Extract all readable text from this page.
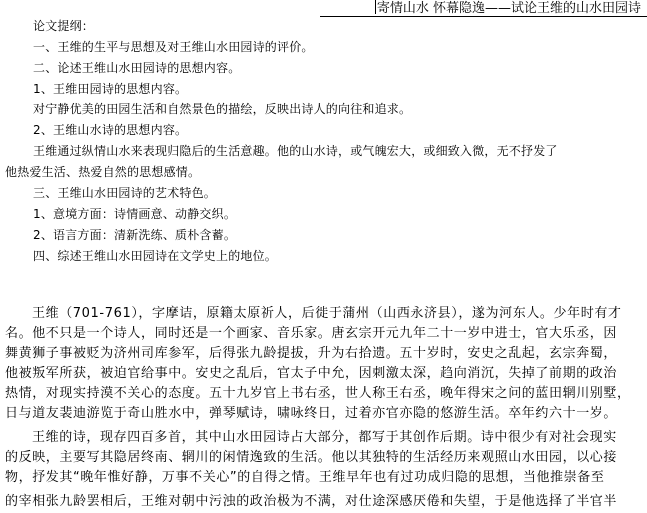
寄情山水 怀幕隐逸——试论王维的山水田园诗
论文提纲：
一、王维的生平与思想及对王维山水田园诗的评价。
二、论述王维山水田园诗的思想内容。
1、王维田园诗的思想内容。
对宁静优美的田园生活和自然景色的描绘，反映出诗人的向往和追求。
2、王维山水诗的思想内容。
王维通过纵情山水来表现归隐后的生活意趣。他的山水诗，或气魄宏大，或细致入微，无不抒发了
他热爱生活、热爱自然的思想感情。
三、王维山水田园诗的艺术特色。
1、意境方面：诗情画意、动静交织。
2、语言方面：清新洗练、质朴含蓄。
四、综述王维山水田园诗在文学史上的地位。
王维（701-761），字摩诘，原籍太原祈人，后徙于蒲州（山西永济县），遂为河东人。少年时有才
名。他不只是一个诗人，同时还是一个画家、音乐家。唐玄宗开元九年二十一岁中进士，官大乐丞，因
舞黄狮子事被贬为济州司库参军，后得张九龄提拔，升为右拾遗。五十岁时，安史之乱起，玄宗奔蜀，
他被叛军所获，被迫官给事中。安史之乱后，官太子中允，因刺激太深，趋向消沉，失掉了前期的政治
热情，对现实持漠不关心的态度。五十九岁官上书右丞，世人称王右丞，晚年得宋之问的蓝田辋川别墅，
日与道友裴迪游览于奇山胜水中，弹琴赋诗，啸咏终日，过着亦官亦隐的悠游生活。卒年约六十一岁。
王维的诗，现存四百多首，其中山水田园诗占大部分，都写于其创作后期。诗中很少有对社会现实
的反映，主要写其隐居终南、辋川的闲情逸致的生活。他以其独特的生活经历来观照山水田园，以心接
物，抒发其“晚年惟好静，万事不关心”的自得之情。王维早年也有过功成归隐的思想，当他推崇备至
的宰相张九龄罢相后，王维对朝中污浊的政治极为不满，对仕途深感厌倦和失望，于是他选择了半官半
